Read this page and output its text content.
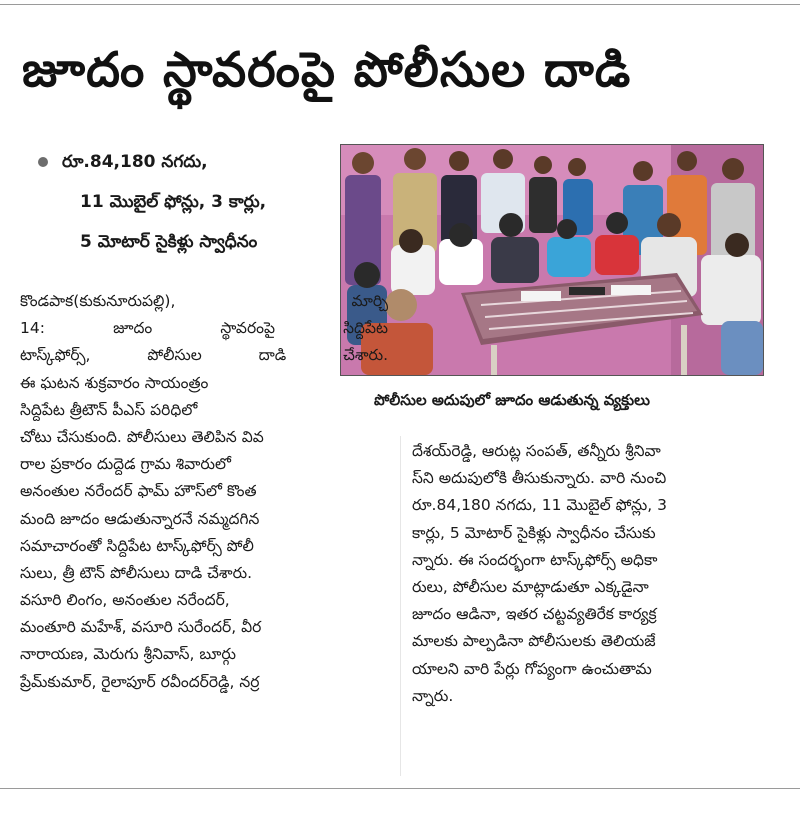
జూదం స్థావరంపై పోలీసుల దాడి
రూ.84,180 నగదు,
11 మొబైల్ ఫోన్లు, 3 కార్లు,
5 మోటార్ సైకిళ్లు స్వాధీనం
పోలీసుల అదుపులో జూదం ఆడుతున్న వ్యక్తులు
కొండపాక(కుకునూరుపల్లి), మార్చి
14: జూదం స్థావరంపై సిద్దిపేట
టాస్క్‌ఫోర్స్, పోలీసుల దాడి చేశారు.
ఈ ఘటన శుక్రవారం సాయంత్రం
సిద్దిపేట త్రీటౌన్ పీఎస్ పరిధిలో
చోటు చేసుకుంది. పోలీసులు తెలిపిన వివ
రాల ప్రకారం దుద్దెడ గ్రామ శివారులో
అనంతుల నరేందర్ ఫామ్ హౌస్‌లో కొంత
మంది జూదం ఆడుతున్నారనే నమ్మదగిన
సమాచారంతో సిద్దిపేట టాస్క్‌ఫోర్స్ పోలీ
సులు, త్రీ టౌన్ పోలీసులు దాడి చేశారు.
వసూరి లింగం, అనంతుల నరేందర్,
మంతూరి మహేశ్, వసూరి సురేందర్, వీర
నారాయణ, మెరుగు శ్రీనివాస్, బూర్గు
ప్రేమ్‌కుమార్, రైలాపూర్ రవీందర్‌రెడ్డి, నర్ర
దేశయ్‌రెడ్డి, ఆరుట్ల సంపత్, తన్నీరు శ్రీనివా
స్‌ని అదుపులోకి తీసుకున్నారు. వారి నుంచి
రూ.84,180 నగదు, 11 మొబైల్ ఫోన్లు, 3
కార్లు, 5 మోటార్ సైకిళ్లు స్వాధీనం చేసుకు
న్నారు. ఈ సందర్భంగా టాస్క్‌ఫోర్స్ అధికా
రులు, పోలీసుల మాట్లాడుతూ ఎక్కడైనా
జూదం ఆడినా, ఇతర చట్టవ్యతిరేక కార్యక్ర
మాలకు పాల్పడినా పోలీసులకు తెలియజే
యాలని వారి పేర్లు గోప్యంగా ఉంచుతామ
న్నారు.
